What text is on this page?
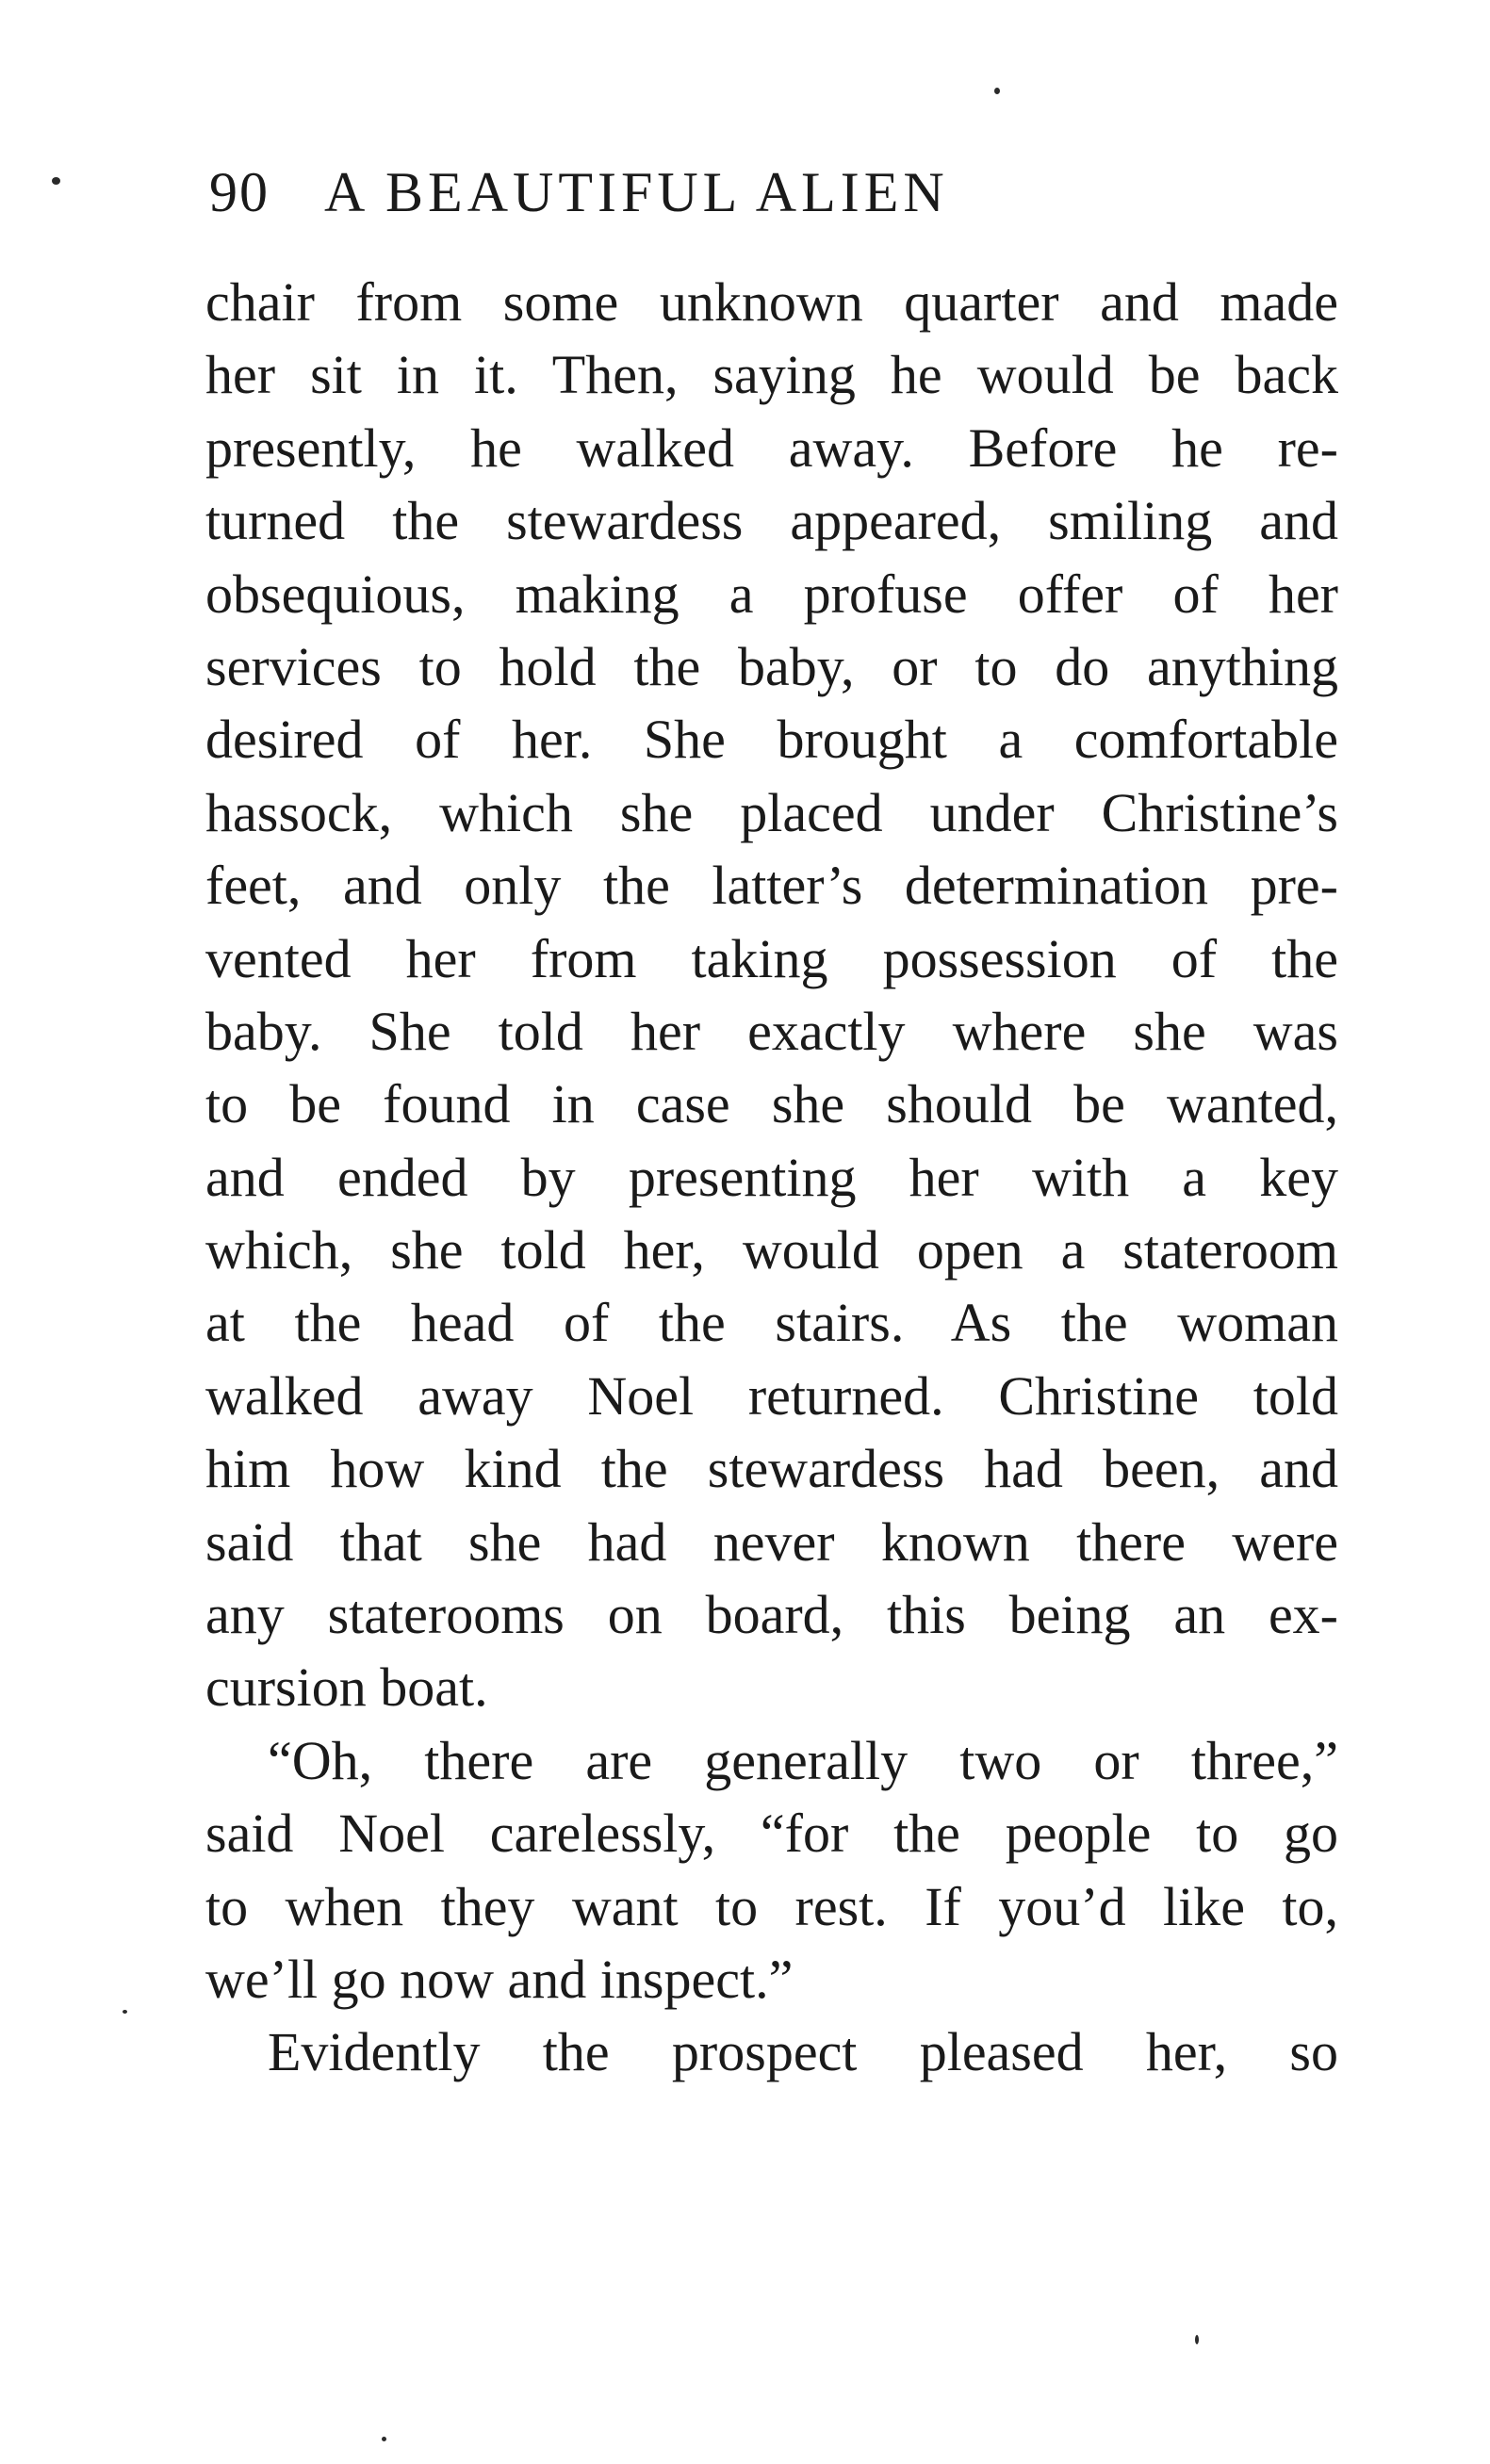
90 A BEAUTIFUL ALIEN
chair from some unknown quarter and made
her sit in it. Then, saying he would be back
presently, he walked away. Before he re-
turned the stewardess appeared, smiling and
obsequious, making a profuse offer of her
services to hold the baby, or to do anything
desired of her. She brought a comfortable
hassock, which she placed under Christine’s
feet, and only the latter’s determination pre-
vented her from taking possession of the
baby. She told her exactly where she was
to be found in case she should be wanted,
and ended by presenting her with a key
which, she told her, would open a stateroom
at the head of the stairs. As the woman
walked away Noel returned. Christine told
him how kind the stewardess had been, and
said that she had never known there were
any staterooms on board, this being an ex-
cursion boat.
“Oh, there are generally two or three,”
said Noel carelessly, “for the people to go
to when they want to rest. If you’d like to,
we’ll go now and inspect.”
Evidently the prospect pleased her, so
